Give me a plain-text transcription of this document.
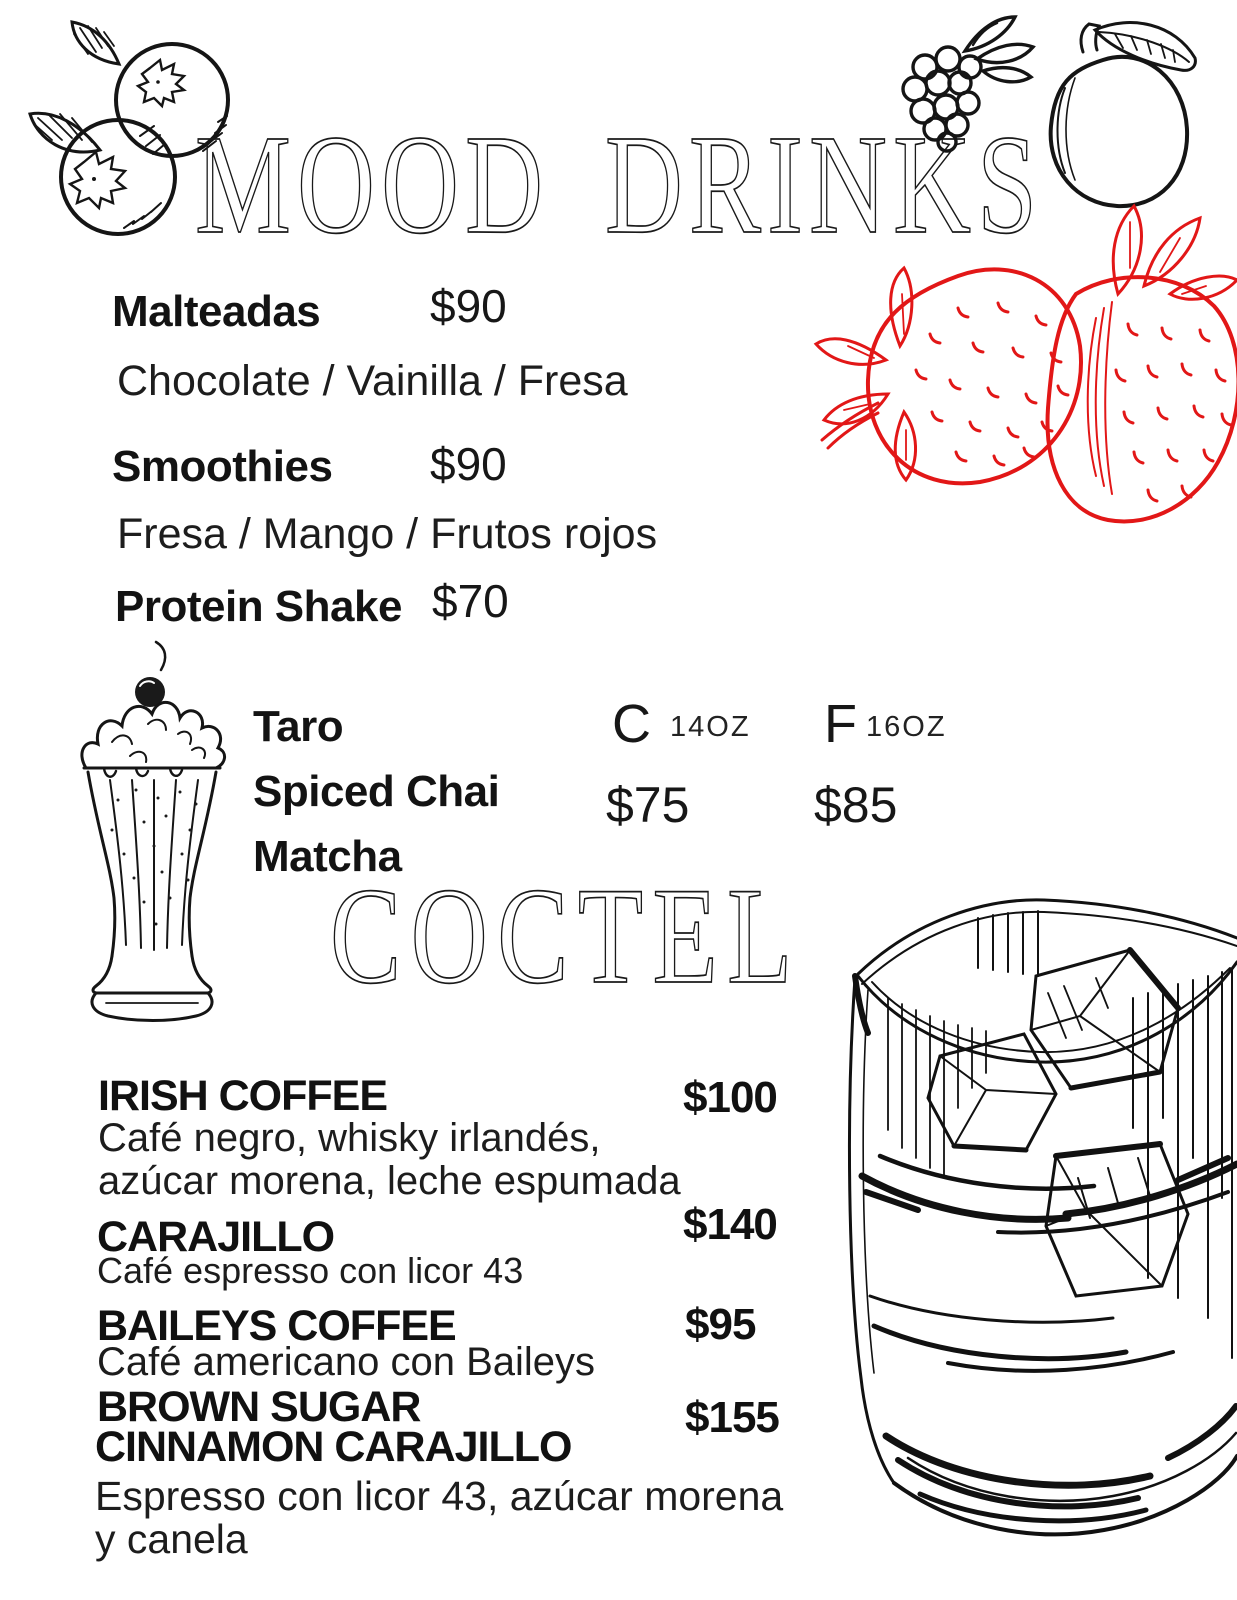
MOOD DRINKS
Malteadas $90
Chocolate / Vainilla / Fresa
Smoothies $90
Fresa / Mango / Frutos rojos
Protein Shake $70
Taro
Spiced Chai
Matcha
C 14OZ F 16OZ
$75 $85
COCTEL
IRISH COFFEE	$100
Café negro, whisky irlandés,
azúcar morena, leche espumada
CARAJILLO	$140
Café espresso con licor 43
BAILEYS COFFEE	$95
Café americano con Baileys
BROWN SUGAR	$155
CINNAMON CARAJILLO
Espresso con licor 43, azúcar morena
y canela
